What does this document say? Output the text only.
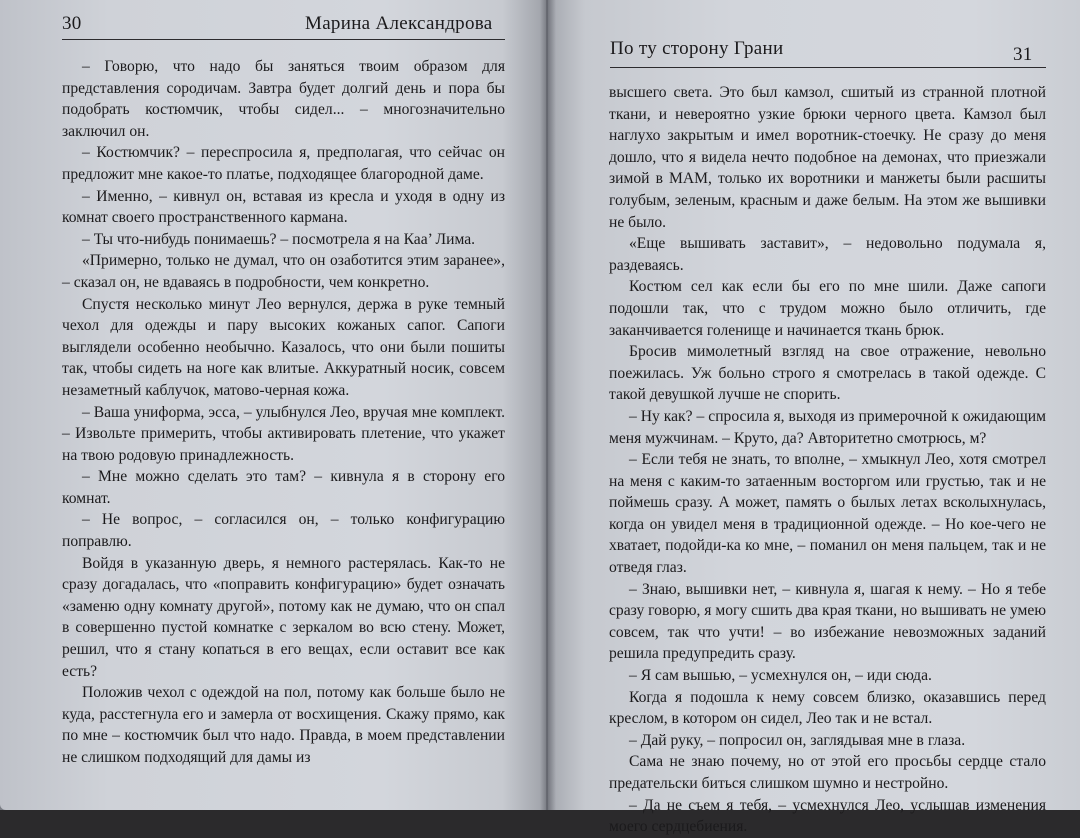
30	Марина Александрова

– Говорю, что надо бы заняться твоим образом для представления сородичам. Завтра будет долгий день и пора бы подобрать костюмчик, чтобы сидел... – многозначительно заключил он.

– Костюмчик? – переспросила я, предполагая, что сейчас он предложит мне какое-то платье, подходящее благородной даме.

– Именно, – кивнул он, вставая из кресла и уходя в одну из комнат своего пространственного кармана.

– Ты что-нибудь понимаешь? – посмотрела я на Каа’ Лима.

«Примерно, только не думал, что он озаботится этим заранее», – сказал он, не вдаваясь в подробности, чем конкретно.

Спустя несколько минут Лео вернулся, держа в руке темный чехол для одежды и пару высоких кожаных сапог. Сапоги выглядели особенно необычно. Казалось, что они были пошиты так, чтобы сидеть на ноге как влитые. Аккуратный носик, совсем незаметный каблучок, матово-черная кожа.

– Ваша униформа, эсса, – улыбнулся Лео, вручая мне комплект. – Извольте примерить, чтобы активировать плетение, что укажет на твою родовую принадлежность.

– Мне можно сделать это там? – кивнула я в сторону его комнат.

– Не вопрос, – согласился он, – только конфигурацию поправлю.

Войдя в указанную дверь, я немного растерялась. Как-то не сразу догадалась, что «поправить конфигурацию» будет означать «заменю одну комнату другой», потому как не думаю, что он спал в совершенно пустой комнатке с зеркалом во всю стену. Может, решил, что я стану копаться в его вещах, если оставит все как есть?

Положив чехол с одеждой на пол, потому как больше было не куда, расстегнула его и замерла от восхищения. Скажу прямо, как по мне – костюмчик был что надо. Правда, в моем представлении не слишком подходящий для дамы из

По ту сторону Грани	31

высшего света. Это был камзол, сшитый из странной плотной ткани, и невероятно узкие брюки черного цвета. Камзол был наглухо закрытым и имел воротник-стоечку. Не сразу до меня дошло, что я видела нечто подобное на демонах, что приезжали зимой в МАМ, только их воротники и манжеты были расшиты голубым, зеленым, красным и даже белым. На этом же вышивки не было.

«Еще вышивать заставит», – недовольно подумала я, раздеваясь.

Костюм сел как если бы его по мне шили. Даже сапоги подошли так, что с трудом можно было отличить, где заканчивается голенище и начинается ткань брюк.

Бросив мимолетный взгляд на свое отражение, невольно поежилась. Уж больно строго я смотрелась в такой одежде. С такой девушкой лучше не спорить.

– Ну как? – спросила я, выходя из примерочной к ожидающим меня мужчинам. – Круто, да? Авторитетно смотрюсь, м?

– Если тебя не знать, то вполне, – хмыкнул Лео, хотя смотрел на меня с каким-то затаенным восторгом или грустью, так и не поймешь сразу. А может, память о былых летах всколыхнулась, когда он увидел меня в традиционной одежде. – Но кое-чего не хватает, подойди-ка ко мне, – поманил он меня пальцем, так и не отведя глаз.

– Знаю, вышивки нет, – кивнула я, шагая к нему. – Но я тебе сразу говорю, я могу сшить два края ткани, но вышивать не умею совсем, так что учти! – во избежание невозможных заданий решила предупредить сразу.

– Я сам вышью, – усмехнулся он, – иди сюда.

Когда я подошла к нему совсем близко, оказавшись перед креслом, в котором он сидел, Лео так и не встал.

– Дай руку, – попросил он, заглядывая мне в глаза.

Сама не знаю почему, но от этой его просьбы сердце стало предательски биться слишком шумно и нестройно.

– Да не съем я тебя, – усмехнулся Лео, услышав изменения моего сердцебиения.
